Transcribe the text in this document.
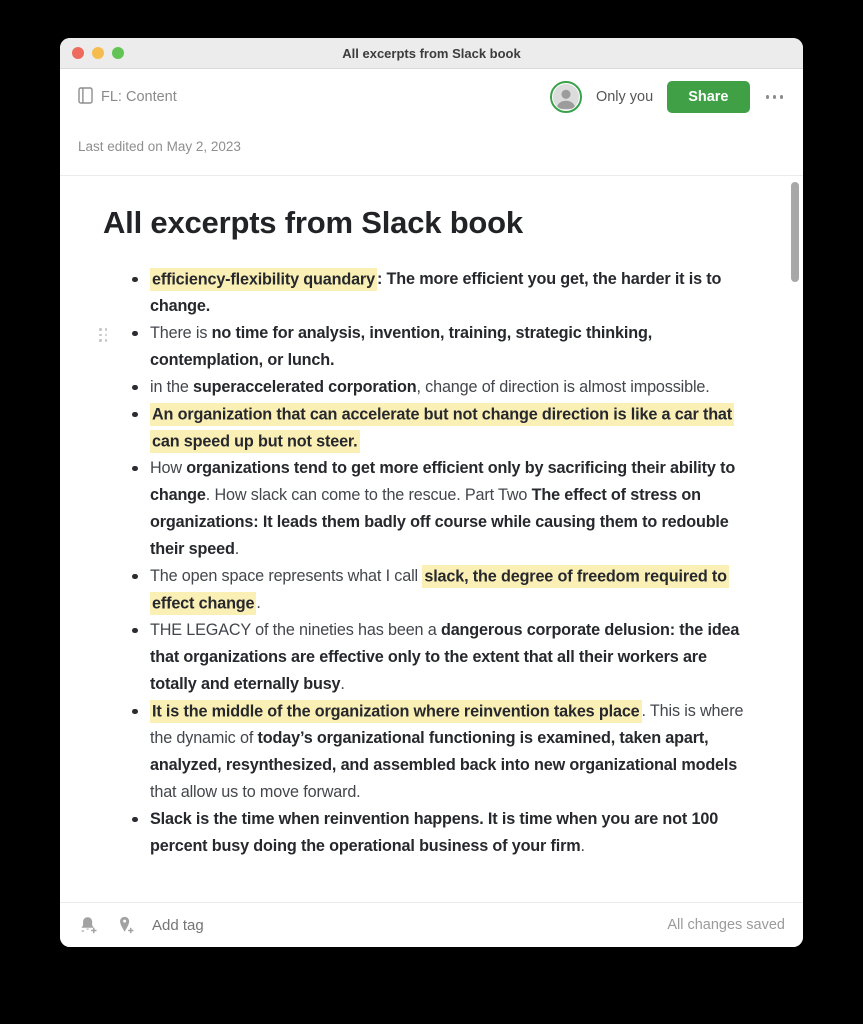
All excerpts from Slack book
FL: Content	Only you	Share
Last edited on May 2, 2023
All excerpts from Slack book
efficiency-flexibility quandary : The more efficient you get, the harder it is to change.
There is no time for analysis, invention, training, strategic thinking, contemplation, or lunch.
in the superaccelerated corporation, change of direction is almost impossible.
An organization that can accelerate but not change direction is like a car that can speed up but not steer.
How organizations tend to get more efficient only by sacrificing their ability to change. How slack can come to the rescue. Part Two The effect of stress on organizations: It leads them badly off course while causing them to redouble their speed.
The open space represents what I call slack, the degree of freedom required to effect change .
THE LEGACY of the nineties has been a dangerous corporate delusion: the idea that organizations are effective only to the extent that all their workers are totally and eternally busy.
It is the middle of the organization where reinvention takes place . This is where the dynamic of today’s organizational functioning is examined, taken apart, analyzed, resynthesized, and assembled back into new organizational models that allow us to move forward.
Slack is the time when reinvention happens. It is time when you are not 100 percent busy doing the operational business of your firm.
Add tag	All changes saved
